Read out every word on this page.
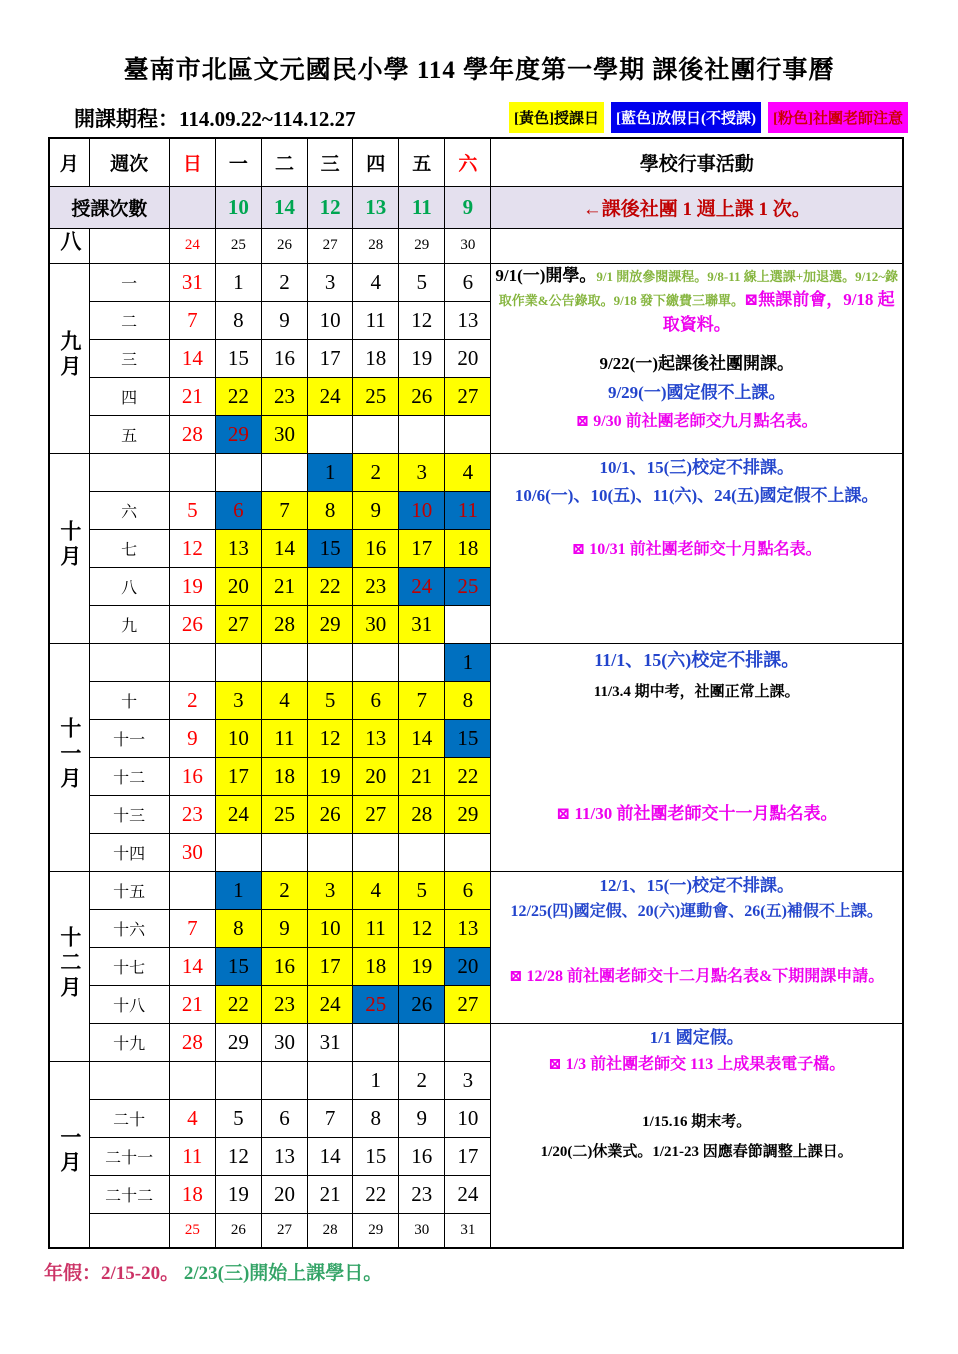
臺南市北區文元國民小學 114 學年度第一學期 課後社團行事曆
開課期程：114.09.22~114.12.27	[黃色]授課日	[藍色]放假日(不授課)	[粉色]社團老師注意
月	週次	日	一	二	三	四	五	六	學校行事活動
授課次數			10	14	12	13	11	9	←課後社團 1 週上課 1 次。
八		24	25	26	27	28	29	30	
九月	一	31	1	2	3	4	5	6	9/1(一)開學。9/1 開放參閱課程。9/8-11 線上選課+加退選。9/12~錄取作業&公告錄取。9/18 發下繳費三聯單。⊠無課前會，9/18 起取資料。
9/22(一)起課後社團開課。
9/29(一)國定假不上課。
⊠ 9/30 前社團老師交九月點名表。

	二	7	8	9	10	11	12	13	
	三	14	15	16	17	18	19	20	
	四	21	22	23	24	25	26	27	
	五	28	29	30					
十月					1	2	3	4	10/1、15(三)校定不排課。
10/6(一)、10(五)、11(六)、24(五)國定假不上課。
⊠ 10/31 前社團老師交十月點名表。

	六	5	6	7	8	9	10	11	
	七	12	13	14	15	16	17	18	
	八	19	20	21	22	23	24	25	
	九	26	27	28	29	30	31		
十一月								1	11/1、15(六)校定不排課。
11/3.4 期中考，社團正常上課。
⊠ 11/30 前社團老師交十一月點名表。

	十	2	3	4	5	6	7	8	
	十一	9	10	11	12	13	14	15	
	十二	16	17	18	19	20	21	22	
	十三	23	24	25	26	27	28	29	
	十四	30							
十二月	十五		1	2	3	4	5	6	12/1、15(一)校定不排課。
12/25(四)國定假、20(六)運動會、26(五)補假不上課。
⊠ 12/28 前社團老師交十二月點名表&下期開課申請。

	十六	7	8	9	10	11	12	13	
	十七	14	15	16	17	18	19	20	
	十八	21	22	23	24	25	26	27	
	十九	28	29	30	31				1/1 國定假。
⊠ 1/3 前社團老師交 113 上成果表電子檔。
1/15.16 期末考。
1/20(二)休業式。1/21-23 因應春節調整上課日。

一月						1	2	3	
	二十	4	5	6	7	8	9	10	
	二十一	11	12	13	14	15	16	17	
	二十二	18	19	20	21	22	23	24	
		25	26	27	28	29	30	31	
年假：2/15-20。 2/23(三)開始上課學日。
